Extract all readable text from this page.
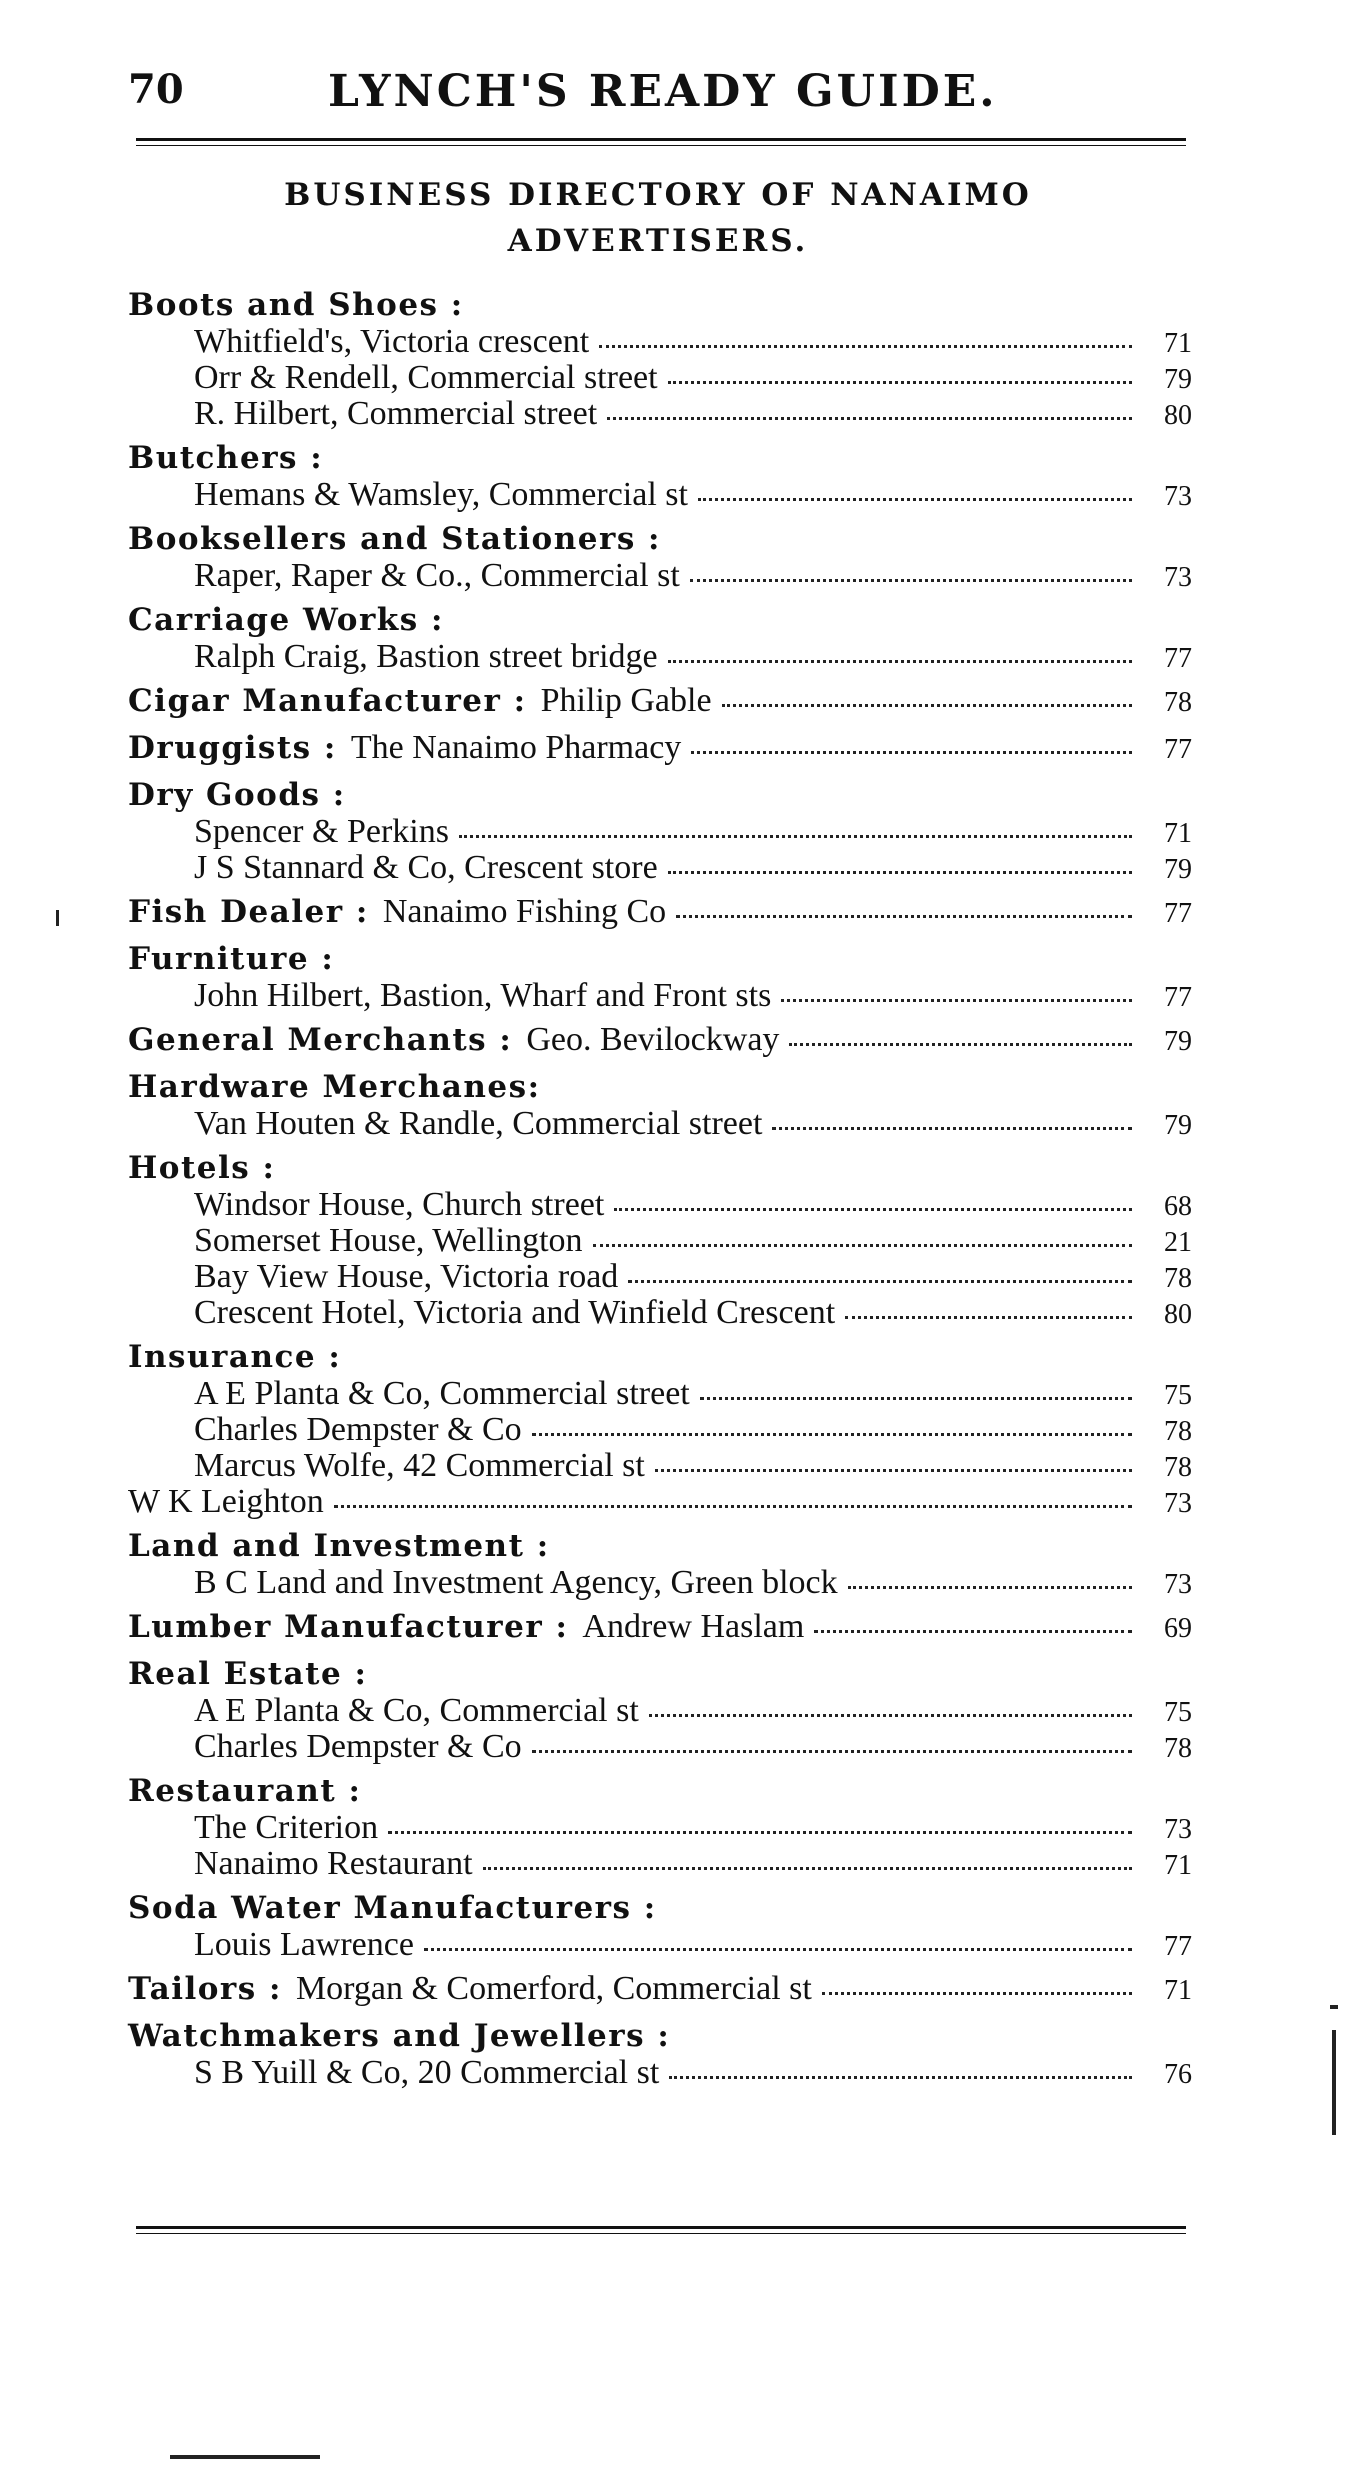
70	LYNCH'S READY GUIDE.
BUSINESS DIRECTORY OF NANAIMO
ADVERTISERS.
Boots and Shoes :
Whitfield's, Victoria crescent	71
Orr & Rendell, Commercial street	79
R. Hilbert, Commercial street	80
Butchers :
Hemans & Wamsley, Commercial st	73
Booksellers and Stationers :
Raper, Raper & Co., Commercial st	73
Carriage Works :
Ralph Craig, Bastion street bridge	77
Cigar Manufacturer : Philip Gable	78
Druggists : The Nanaimo Pharmacy	77
Dry Goods :
Spencer & Perkins	71
J S Stannard & Co, Crescent store	79
Fish Dealer : Nanaimo Fishing Co	77
Furniture :
John Hilbert, Bastion, Wharf and Front sts	77
General Merchants : Geo. Bevilockway	79
Hardware Merchanes:
Van Houten & Randle, Commercial street	79
Hotels :
Windsor House, Church street	68
Somerset House, Wellington	21
Bay View House, Victoria road	78
Crescent Hotel, Victoria and Winfield Crescent	80
Insurance :
A E Planta & Co, Commercial street	75
Charles Dempster & Co	78
Marcus Wolfe, 42 Commercial st	78
W K Leighton	73
Land and Investment :
B C Land and Investment Agency, Green block	73
Lumber Manufacturer : Andrew Haslam	69
Real Estate :
A E Planta & Co, Commercial st	75
Charles Dempster & Co	78
Restaurant :
The Criterion	73
Nanaimo Restaurant	71
Soda Water Manufacturers :
Louis Lawrence	77
Tailors : Morgan & Comerford, Commercial st	71
Watchmakers and Jewellers :
S B Yuill & Co, 20 Commercial st	76
